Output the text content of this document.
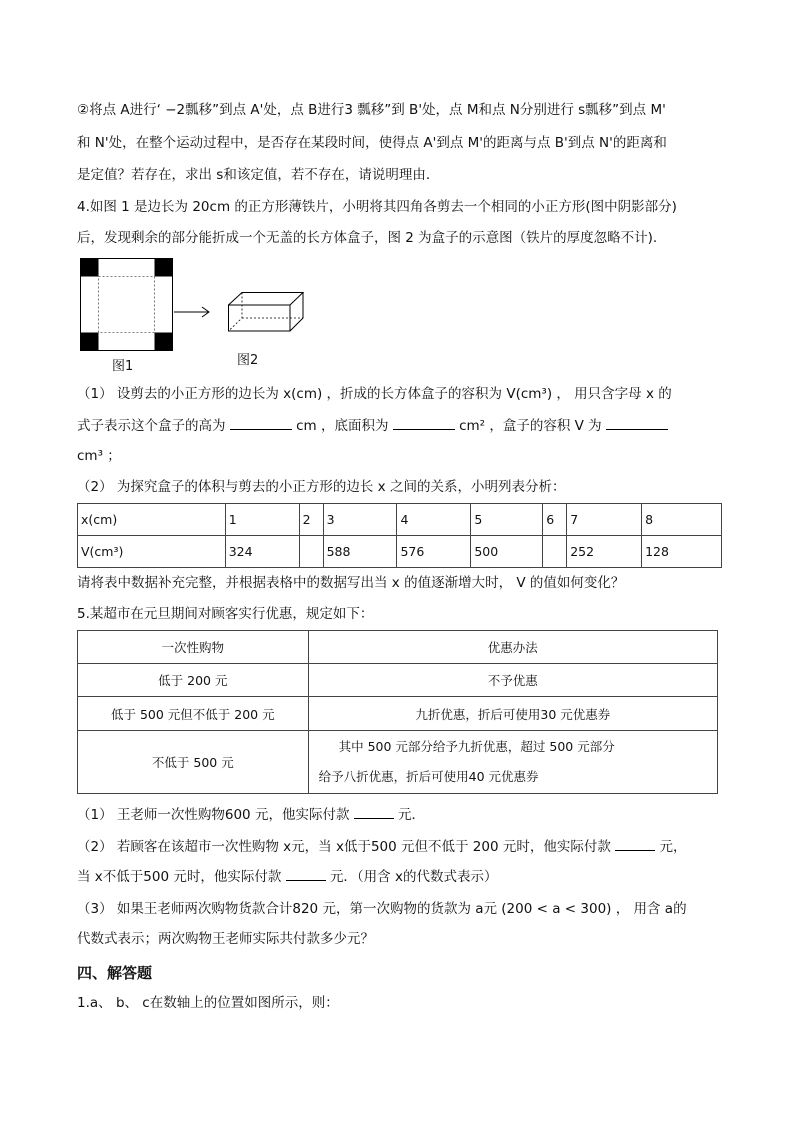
②将点 A进行‘ −2瓢移”到点 A'处，点 B进行3 瓢移”到 B'处，点 M和点 N分别进行 s瓢移”到点 M'
和 N'处，在整个运动过程中，是否存在某段时间，使得点 A'到点 M'的距离与点 B'到点 N'的距离和
是定值？若存在，求出 s和该定值，若不存在，请说明理由．
4.如图 1 是边长为 20cm 的正方形薄铁片，小明将其四角各剪去一个相同的小正方形(图中阴影部分)
后，发现剩余的部分能折成一个无盖的长方体盒子，图 2 为盒子的示意图（铁片的厚度忽略不计).
图1	图2
（1） 设剪去的小正方形的边长为 x(cm) ，折成的长方体盒子的容积为 V(cm³) ， 用只含字母 x 的
式子表示这个盒子的高为	cm ，底面积为	cm² ，盒子的容积 V 为
cm³ ；
（2） 为探究盒子的体积与剪去的小正方形的边长 x 之间的关系，小明列表分析：
x(cm)	1	2	3	4	5	6	7	8
V(cm³)	324		588	576	500		252	128
请将表中数据补充完整，并根据表格中的数据写出当 x 的值逐渐增大时， V 的值如何变化？
5.某超市在元旦期间对顾客实行优惠，规定如下：
一次性购物	优惠办法
低于 200 元	不予优惠
低于 500 元但不低于 200 元	九折优惠，折后可使用30 元优惠券
不低于 500 元	其中 500 元部分给予九折优惠，超过 500 元部分
给予八折优惠，折后可使用40 元优惠券
（1） 王老师一次性购物600 元，他实际付款	元．
（2） 若顾客在该超市一次性购物 x元，当 x低于500 元但不低于 200 元时，他实际付款	元，
当 x不低于500 元时，他实际付款	元．（用含 x的代数式表示）
（3） 如果王老师两次购物货款合计820 元，第一次购物的货款为 a元 (200 < a < 300) ， 用含 a的
代数式表示；两次购物王老师实际共付款多少元？
四、解答题
1.a、 b、 c在数轴上的位置如图所示，则：
